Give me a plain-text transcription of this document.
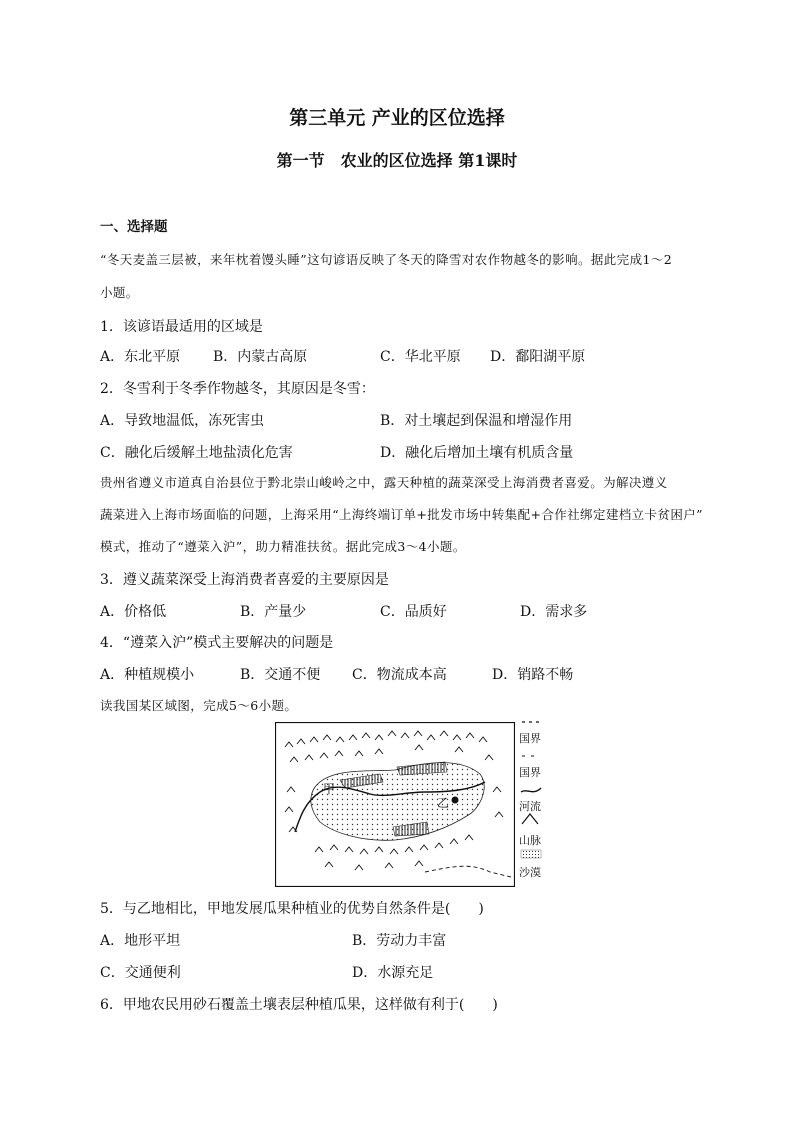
第三单元 产业的区位选择
第一节　农业的区位选择 第1课时
一、选择题
“冬天麦盖三层被，来年枕着馒头睡”这句谚语反映了冬天的降雪对农作物越冬的影响。据此完成1～2
小题。
1．该谚语最适用的区域是
A．东北平原 B．内蒙古高原	C．华北平原 D．鄱阳湖平原
2．冬雪利于冬季作物越冬，其原因是冬雪：
A．导致地温低，冻死害虫	B．对土壤起到保温和增湿作用
C．融化后缓解土地盐渍化危害	D．融化后增加土壤有机质含量
贵州省遵义市道真自治县位于黔北崇山峻岭之中，露天种植的蔬菜深受上海消费者喜爱。为解决遵义
蔬菜进入上海市场面临的问题，上海采用“上海终端订单+批发市场中转集配+合作社绑定建档立卡贫困户”
模式，推动了“遵菜入沪”，助力精准扶贫。据此完成3～4小题。
3．遵义蔬菜深受上海消费者喜爱的主要原因是
A．价格低	B．产量少	C．品质好	D．需求多
4．“遵菜入沪”模式主要解决的问题是
A．种植规模小	B．交通不便 C．物流成本高	D．销路不畅
读我国某区域图，完成5～6小题。
甲
乙
国界
国界
河流
山脉
沙漠
5．与乙地相比，甲地发展瓜果种植业的优势自然条件是(　　)
A．地形平坦	B．劳动力丰富
C．交通便利	D．水源充足
6．甲地农民用砂石覆盖土壤表层种植瓜果，这样做有利于(　　)
